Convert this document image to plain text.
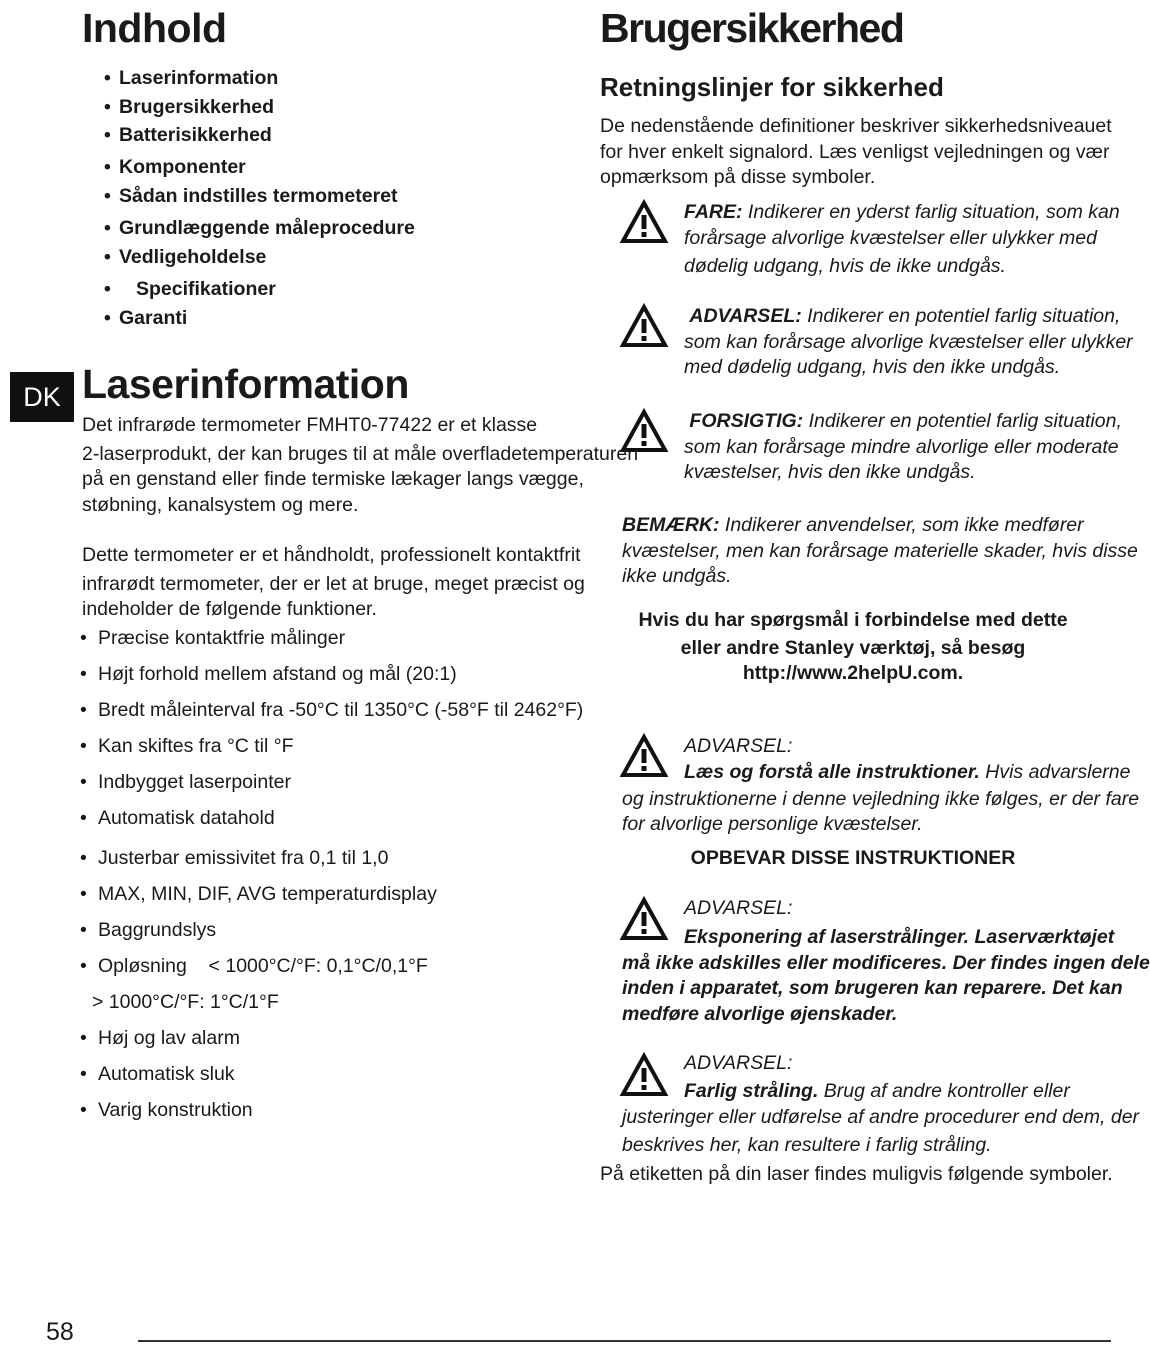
Indhold
• Laserinformation
• Brugersikkerhed
• Batterisikkerhed
• Komponenter
• Sådan indstilles termometeret
• Grundlæggende måleprocedure
• Vedligeholdelse
• Specifikationer
• Garanti
DK Laserinformation
Det infrarøde termometer FMHT0-77422 er et klasse
2-laserprodukt, der kan bruges til at måle overfladetemperaturen
på en genstand eller finde termiske lækager langs vægge,
støbning, kanalsystem og mere.
Dette termometer er et håndholdt, professionelt kontaktfrit
infrarødt termometer, der er let at bruge, meget præcist og
indeholder de følgende funktioner.
• Præcise kontaktfrie målinger
• Højt forhold mellem afstand og mål (20:1)
• Bredt måleinterval fra -50°C til 1350°C (-58°F til 2462°F)
• Kan skiftes fra °C til °F
• Indbygget laserpointer
• Automatisk datahold
• Justerbar emissivitet fra 0,1 til 1,0
• MAX, MIN, DIF, AVG temperaturdisplay
• Baggrundslys
• Opløsning    < 1000°C/°F: 0,1°C/0,1°F
> 1000°C/°F: 1°C/1°F
• Høj og lav alarm
• Automatisk sluk
• Varig konstruktion
Brugersikkerhed
Retningslinjer for sikkerhed
De nedenstående definitioner beskriver sikkerhedsniveauet
for hver enkelt signalord. Læs venligst vejledningen og vær
opmærksom på disse symboler.
FARE: Indikerer en yderst farlig situation, som kan
forårsage alvorlige kvæstelser eller ulykker med
dødelig udgang, hvis de ikke undgås.
ADVARSEL: Indikerer en potentiel farlig situation,
som kan forårsage alvorlige kvæstelser eller ulykker
med dødelig udgang, hvis den ikke undgås.
FORSIGTIG: Indikerer en potentiel farlig situation,
som kan forårsage mindre alvorlige eller moderate
kvæstelser, hvis den ikke undgås.
BEMÆRK: Indikerer anvendelser, som ikke medfører
kvæstelser, men kan forårsage materielle skader, hvis disse
ikke undgås.
Hvis du har spørgsmål i forbindelse med dette
eller andre Stanley værktøj, så besøg
http://www.2helpU.com.
ADVARSEL:
Læs og forstå alle instruktioner. Hvis advarslerne
og instruktionerne i denne vejledning ikke følges, er der fare
for alvorlige personlige kvæstelser.
OPBEVAR DISSE INSTRUKTIONER
ADVARSEL:
Eksponering af laserstrålinger. Laserværktøjet
må ikke adskilles eller modificeres. Der findes ingen dele
inden i apparatet, som brugeren kan reparere. Det kan
medføre alvorlige øjenskader.
ADVARSEL:
Farlig stråling. Brug af andre kontroller eller
justeringer eller udførelse af andre procedurer end dem, der
beskrives her, kan resultere i farlig stråling.
På etiketten på din laser findes muligvis følgende symboler.
58
